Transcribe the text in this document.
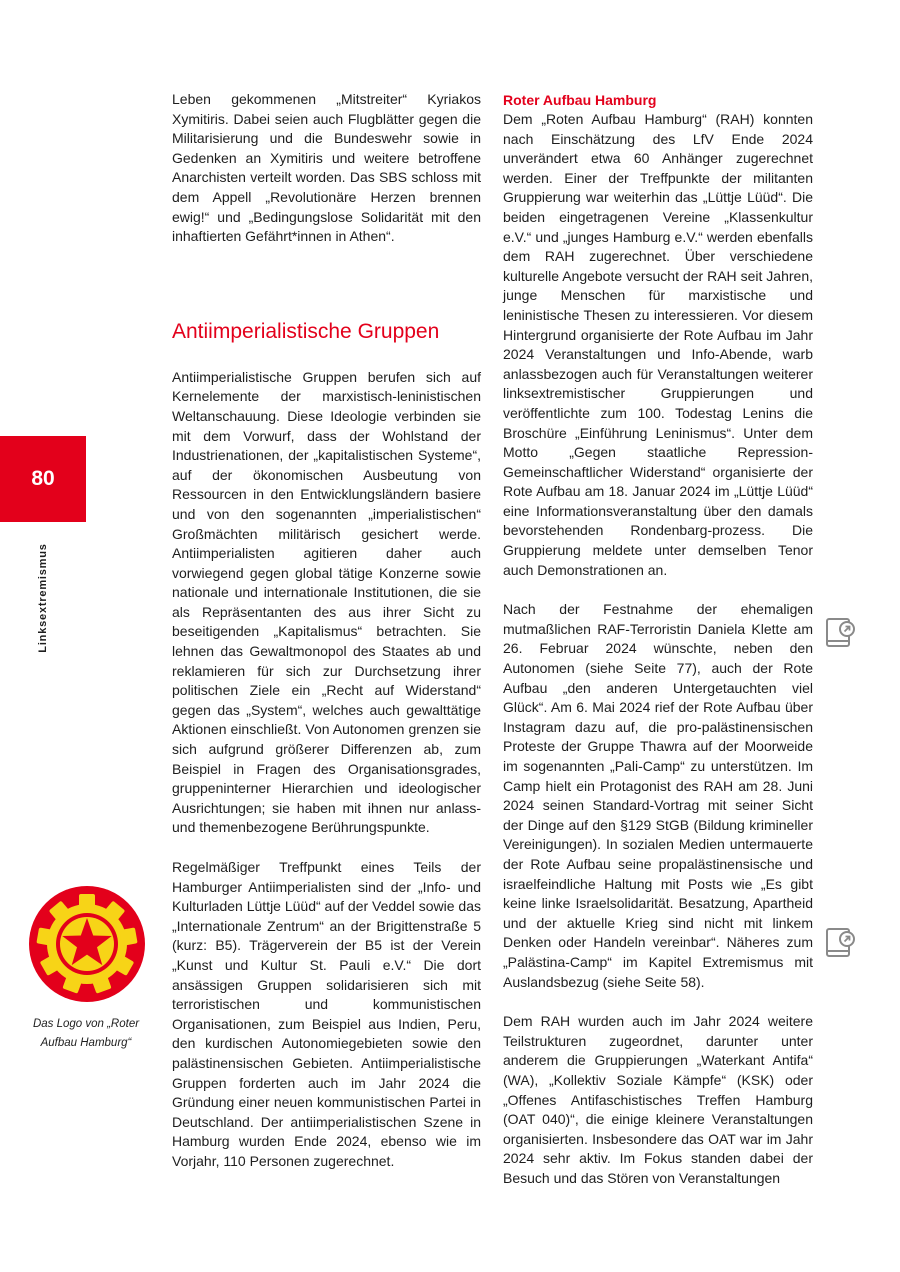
80
Linksextremismus
Das Logo von „Roter Aufbau Hamburg“

Leben gekommenen „Mitstreiter“ Kyriakos Xymitiris. Dabei seien auch Flugblätter gegen die Militarisierung und die Bundeswehr sowie in Gedenken an Xymitiris und weitere betroffene Anarchisten verteilt worden. Das SBS schloss mit dem Appell „Revolutionäre Herzen brennen ewig!“ und „Bedingungslose Solidarität mit den inhaftierten Gefährt*innen in Athen“.

Antiimperialistische Gruppen

Antiimperialistische Gruppen berufen sich auf Kernelemente der marxistisch-leninistischen Weltanschauung. Diese Ideologie verbinden sie mit dem Vorwurf, dass der Wohlstand der Industrienationen, der „kapitalistischen Systeme“, auf der ökonomischen Ausbeutung von Ressourcen in den Entwicklungsländern basiere und von den sogenannten „imperialistischen“ Großmächten militärisch gesichert werde. Antiimperialisten agitieren daher auch vorwiegend gegen global tätige Konzerne sowie nationale und internationale Institutionen, die sie als Repräsentanten des aus ihrer Sicht zu beseitigenden „Kapitalismus“ betrachten. Sie lehnen das Gewaltmonopol des Staates ab und reklamieren für sich zur Durchsetzung ihrer politischen Ziele ein „Recht auf Widerstand“ gegen das „System“, welches auch gewalttätige Aktionen einschließt. Von Autonomen grenzen sie sich aufgrund größerer Differenzen ab, zum Beispiel in Fragen des Organisationsgrades, gruppeninterner Hierarchien und ideologischer Ausrichtungen; sie haben mit ihnen nur anlass- und themenbezogene Berührungspunkte.

Regelmäßiger Treffpunkt eines Teils der Hamburger Antiimperialisten sind der „Info- und Kulturladen Lüttje Lüüd“ auf der Veddel sowie das „Internationale Zentrum“ an der Brigittenstraße 5 (kurz: B5). Trägerverein der B5 ist der Verein „Kunst und Kultur St. Pauli e.V.“ Die dort ansässigen Gruppen solidarisieren sich mit terroristischen und kommunistischen Organisationen, zum Beispiel aus Indien, Peru, den kurdischen Autonomiegebieten sowie den palästinensischen Gebieten. Antiimperialistische Gruppen forderten auch im Jahr 2024 die Gründung einer neuen kommunistischen Partei in Deutschland. Der antiimperialistischen Szene in Hamburg wurden Ende 2024, ebenso wie im Vorjahr, 110 Personen zugerechnet.

Roter Aufbau Hamburg

Dem „Roten Aufbau Hamburg“ (RAH) konnten nach Einschätzung des LfV Ende 2024 unverändert etwa 60 Anhänger zugerechnet werden. Einer der Treffpunkte der militanten Gruppierung war weiterhin das „Lüttje Lüüd“. Die beiden eingetragenen Vereine „Klassenkultur e.V.“ und „junges Hamburg e.V.“ werden ebenfalls dem RAH zugerechnet. Über verschiedene kulturelle Angebote versucht der RAH seit Jahren, junge Menschen für marxistische und leninistische Thesen zu interessieren. Vor diesem Hintergrund organisierte der Rote Aufbau im Jahr 2024 Veranstaltungen und Info-Abende, warb anlassbezogen auch für Veranstaltungen weiterer linksextremistischer Gruppierungen und veröffentlichte zum 100. Todestag Lenins die Broschüre „Einführung Leninismus“. Unter dem Motto „Gegen staatliche Repression-Gemeinschaftlicher Widerstand“ organisierte der Rote Aufbau am 18. Januar 2024 im „Lüttje Lüüd“ eine Informationsveranstaltung über den damals bevorstehenden Rondenbarg-prozess. Die Gruppierung meldete unter demselben Tenor auch Demonstrationen an.

Nach der Festnahme der ehemaligen mutmaßlichen RAF-Terroristin Daniela Klette am 26. Februar 2024 wünschte, neben den Autonomen (siehe Seite 77), auch der Rote Aufbau „den anderen Untergetauchten viel Glück“. Am 6. Mai 2024 rief der Rote Aufbau über Instagram dazu auf, die pro-palästinensischen Proteste der Gruppe Thawra auf der Moorweide im sogenannten „Pali-Camp“ zu unterstützen. Im Camp hielt ein Protagonist des RAH am 28. Juni 2024 seinen Standard-Vortrag mit seiner Sicht der Dinge auf den §129 StGB (Bildung krimineller Vereinigungen). In sozialen Medien untermauerte der Rote Aufbau seine propalästinensische und israelfeindliche Haltung mit Posts wie „Es gibt keine linke Israelsolidarität. Besatzung, Apartheid und der aktuelle Krieg sind nicht mit linkem Denken oder Handeln vereinbar“. Näheres zum „Palästina-Camp“ im Kapitel Extremismus mit Auslandsbezug (siehe Seite 58).

Dem RAH wurden auch im Jahr 2024 weitere Teilstrukturen zugeordnet, darunter unter anderem die Gruppierungen „Waterkant Antifa“ (WA), „Kollektiv Soziale Kämpfe“ (KSK) oder „Offenes Antifaschistisches Treffen Hamburg (OAT 040)“, die einige kleinere Veranstaltungen organisierten. Insbesondere das OAT war im Jahr 2024 sehr aktiv. Im Fokus standen dabei der Besuch und das Stören von Veranstaltungen
